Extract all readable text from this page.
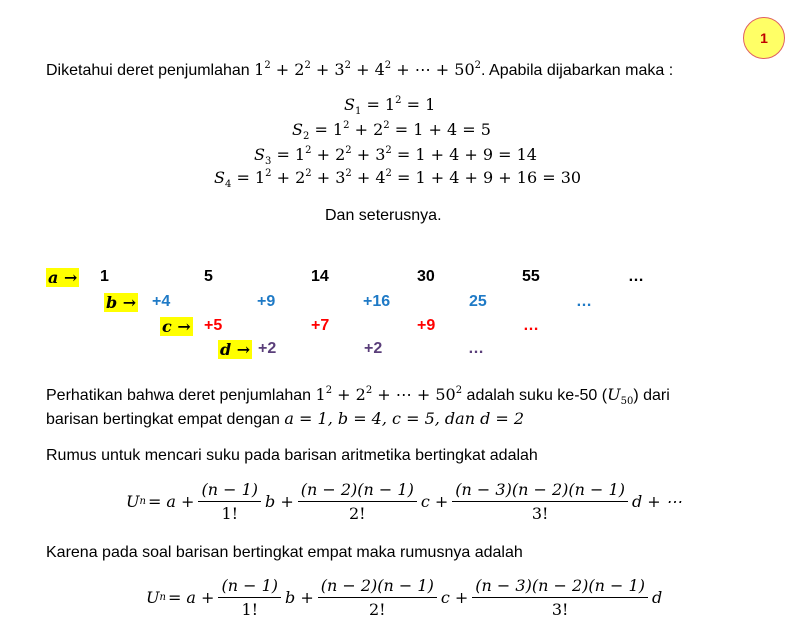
1
Diketahui deret penjumlahan $1^2 + 2^2 + 3^2 + 4^2$ + ⋯ + $50^2$. Apabila dijabarkan maka :
$S_1 = 1^2 = 1$
$S_2 = 1^2 + 2^2 = 1 + 4 = 5$
$S_3 = 1^2 + 2^2 + 3^2 = 1 + 4 + 9 = 14$
$S_4 = 1^2 + 2^2 + 3^2 + 4^2 = 1 + 4 + 9 + 16 = 30$
Dan seterusnya.
a → 1	5	14	30	55	…
b → +4	+9	+16	25	…
c → +5	+7	+9	…
d → +2	+2	…
Perhatikan bahwa deret penjumlahan $1^2 + 2^2$ + ⋯ + $50^2$ adalah suku ke-50 $(U_{50})$ dari
barisan bertingkat empat dengan a = 1, b = 4, c = 5, dan d = 2
Rumus untuk mencari suku pada barisan aritmetika bertingkat adalah
U $n = a + \frac{(n - 1)}{1!}$ $b + \frac{(n - 2)(n - 1)}{2!}$ $c + \frac{(n - 3)(n - 2)(n - 1)}{3!}$ d + ⋯
Karena pada soal barisan bertingkat empat maka rumusnya adalah
U $n = a + \frac{(n - 1)}{1!}$ $b + \frac{(n - 2)(n - 1)}{2!}$ $c + \frac{(n - 3)(n - 2)(n - 1)}{3!}$ d
